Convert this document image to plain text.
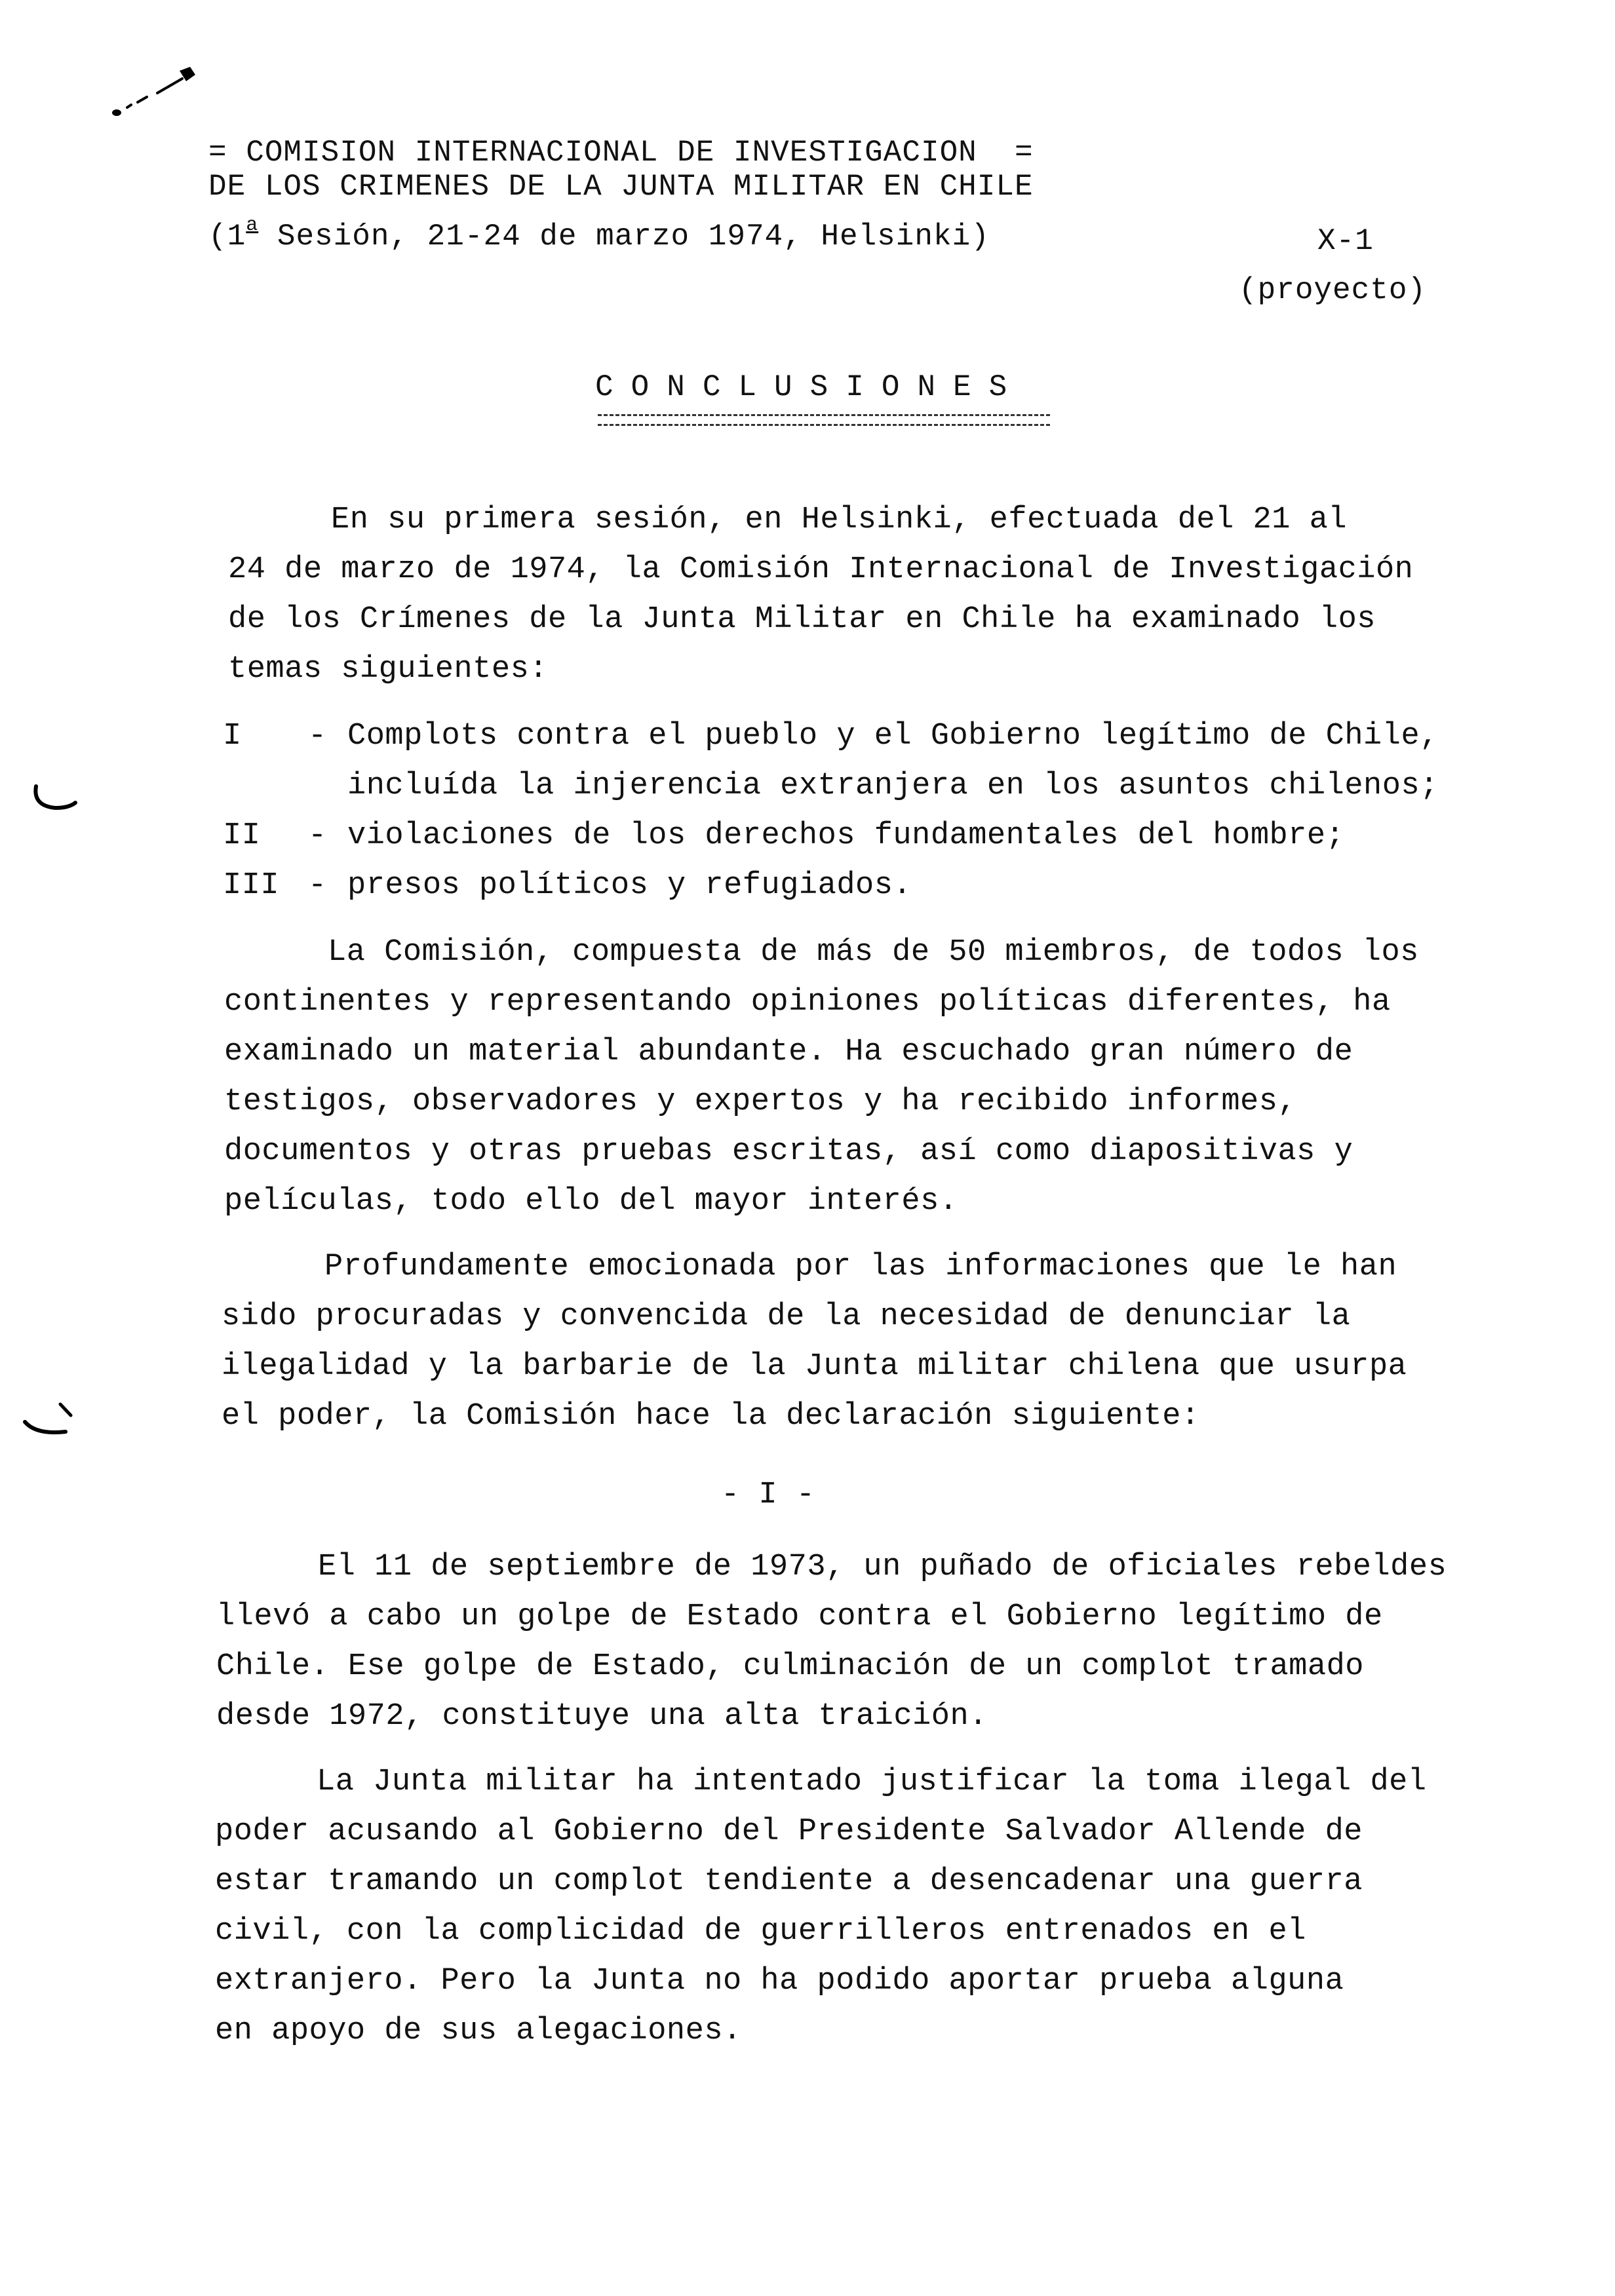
= COMISION INTERNACIONAL DE INVESTIGACION  =
DE LOS CRIMENES DE LA JUNTA MILITAR EN CHILE
(1$^a$ Sesión, 21-24 de marzo 1974, Helsinki)	X-1
(proyecto)
CONCLUSIONES
En su primera sesión, en Helsinki, efectuada del 21 al
24 de marzo de 1974, la Comisión Internacional de Investigación
de los Crímenes de la Junta Militar en Chile ha examinado los
temas siguientes:
I - Complots contra el pueblo y el Gobierno legítimo de Chile,
incluída la injerencia extranjera en los asuntos chilenos;
II - violaciones de los derechos fundamentales del hombre;
III - presos políticos y refugiados.
La Comisión, compuesta de más de 50 miembros, de todos los
continentes y representando opiniones políticas diferentes, ha
examinado un material abundante. Ha escuchado gran número de
testigos, observadores y expertos y ha recibido informes,
documentos y otras pruebas escritas, así como diapositivas y
películas, todo ello del mayor interés.
Profundamente emocionada por las informaciones que le han
sido procuradas y convencida de la necesidad de denunciar la
ilegalidad y la barbarie de la Junta militar chilena que usurpa
el poder, la Comisión hace la declaración siguiente:
- I -
El 11 de septiembre de 1973, un puñado de oficiales rebeldes
llevó a cabo un golpe de Estado contra el Gobierno legítimo de
Chile. Ese golpe de Estado, culminación de un complot tramado
desde 1972, constituye una alta traición.
La Junta militar ha intentado justificar la toma ilegal del
poder acusando al Gobierno del Presidente Salvador Allende de
estar tramando un complot tendiente a desencadenar una guerra
civil, con la complicidad de guerrilleros entrenados en el
extranjero. Pero la Junta no ha podido aportar prueba alguna
en apoyo de sus alegaciones.
